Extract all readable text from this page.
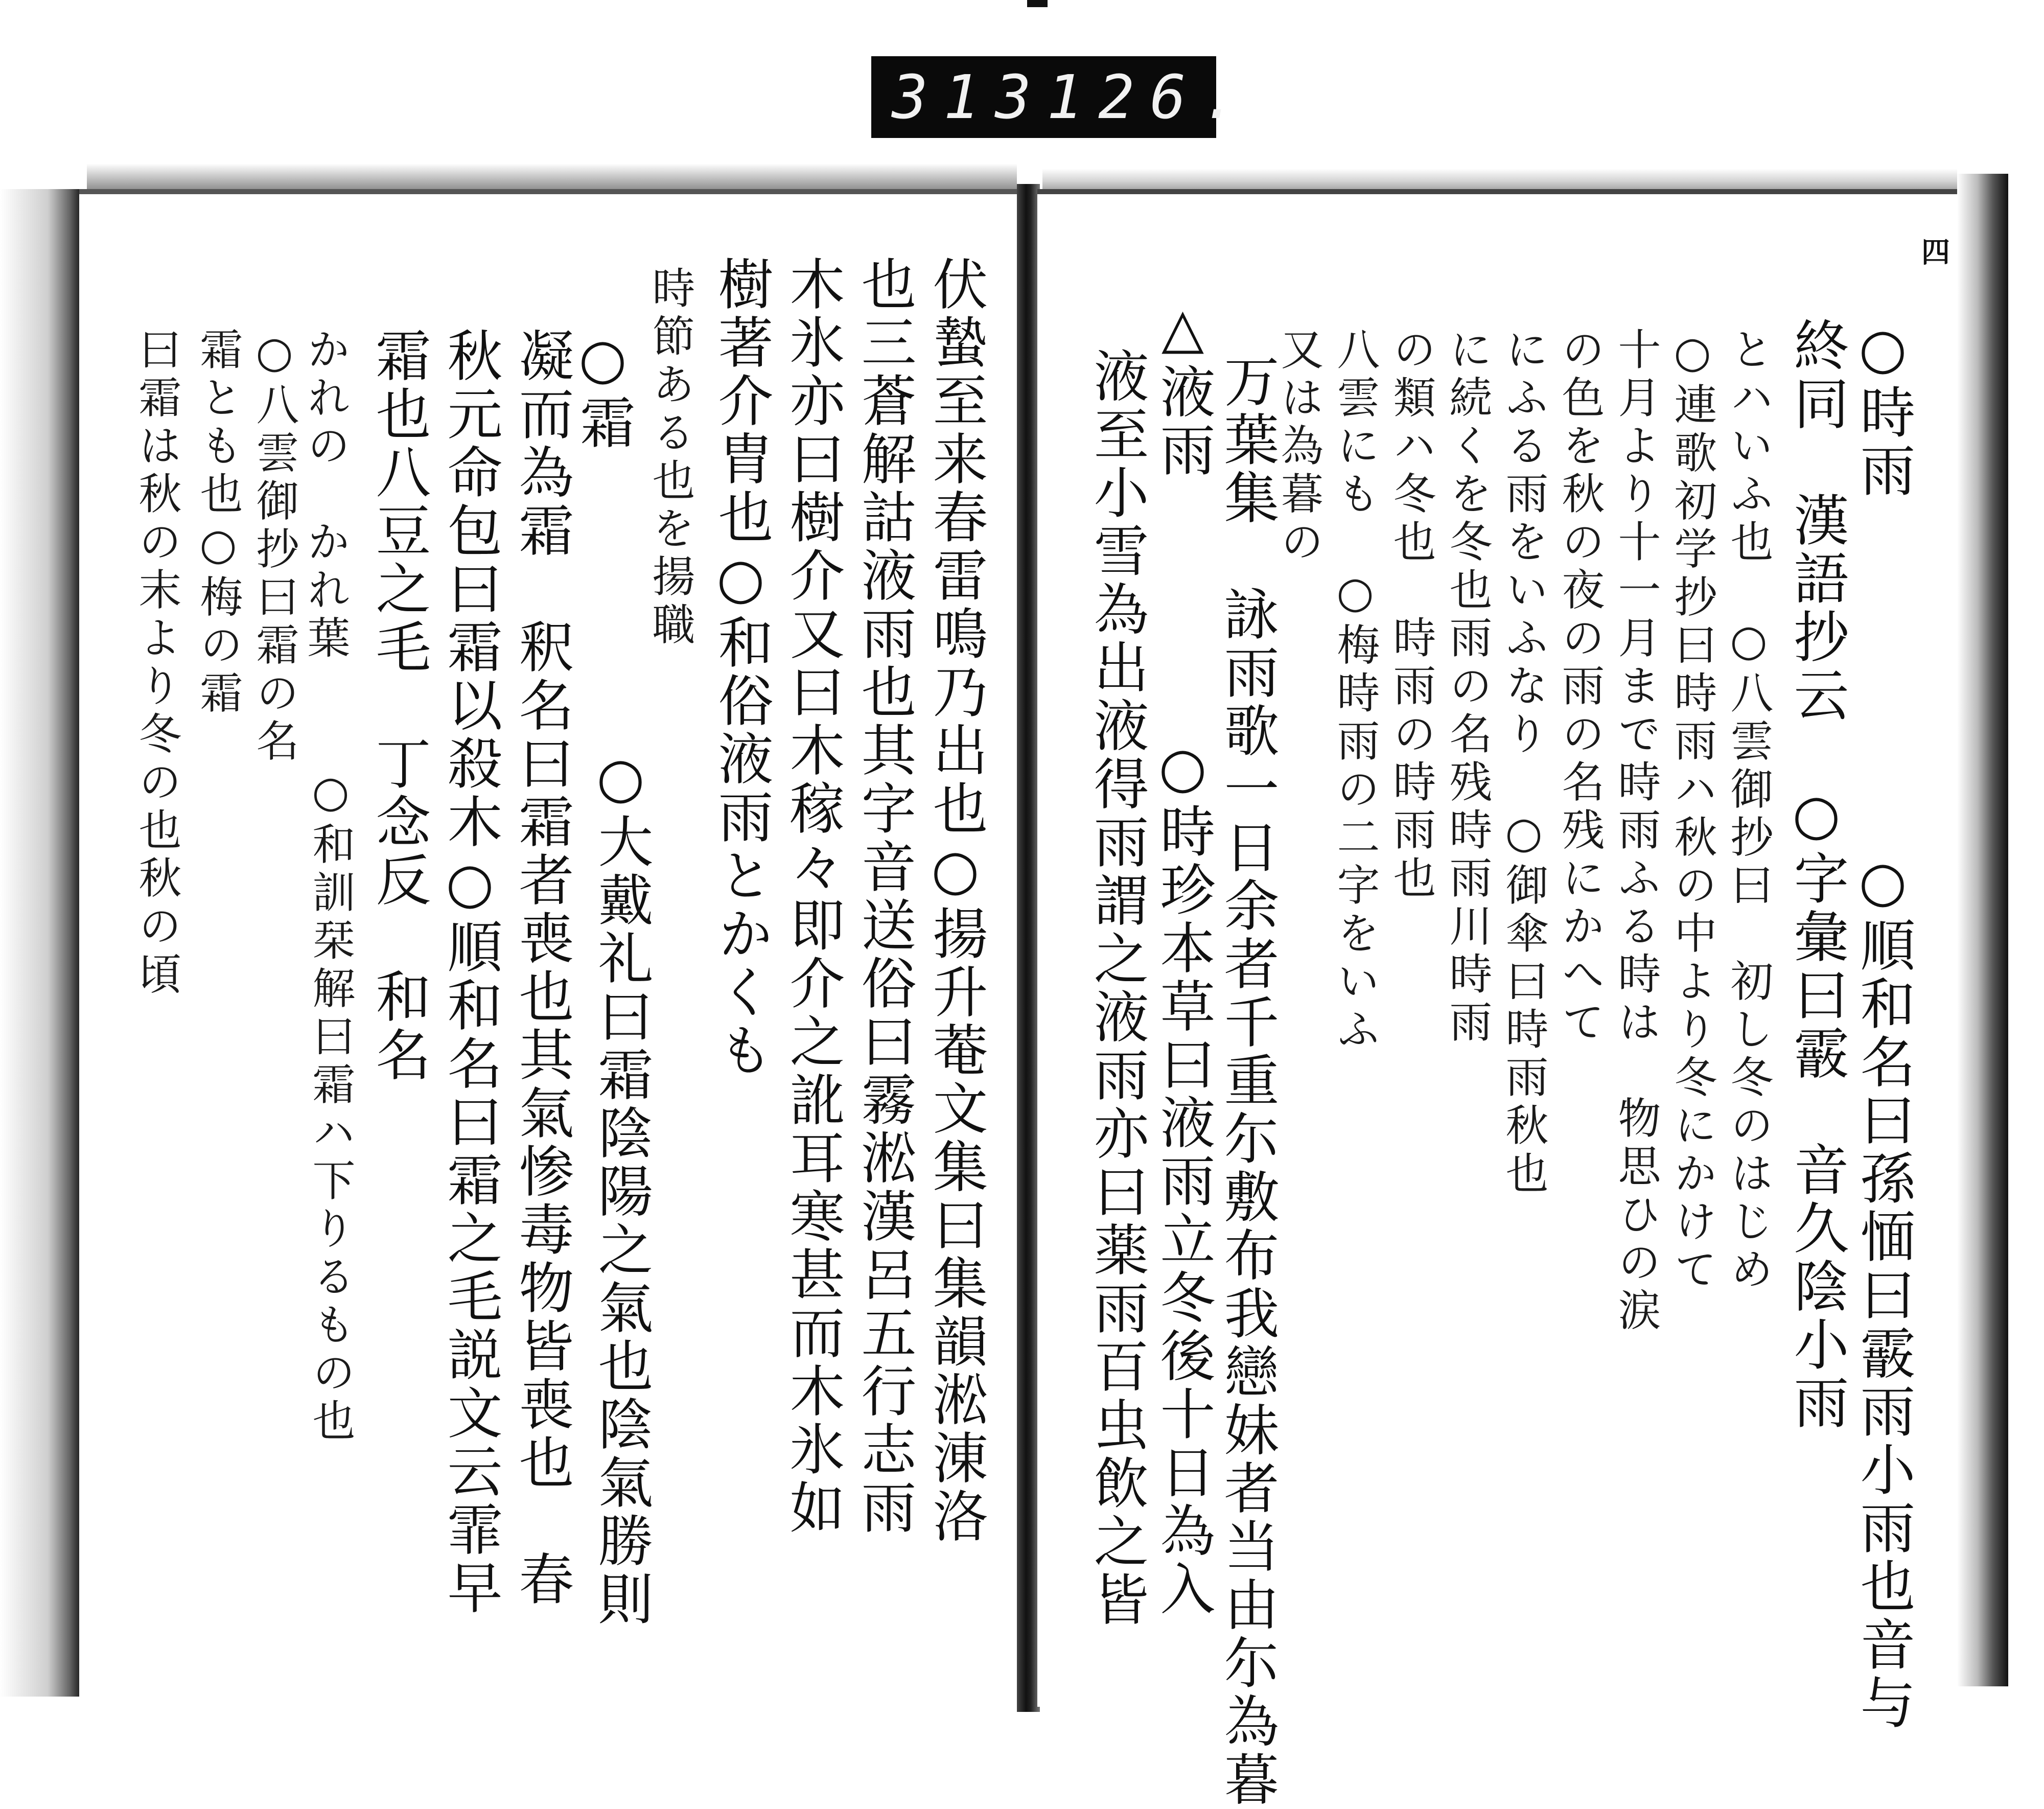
313 126.
伏蟄至来春雷鳴乃出也○揚升菴文集曰集韻淞涷洛
也三蒼解詁液雨也其字音送俗曰霧淞漢呂五行志雨
木氷亦曰樹介又曰木稼々即介之訛耳寒甚而木氷如
樹著介胄也○和俗液雨とかくも
時節ある也を揚職
○霜
凝而為霜　釈名曰霜者喪也其氣惨毒物皆喪也　春
秋元命包曰霜以殺木○順和名曰霜之毛説文云霏早
霜也八豆之毛　丁念反　和名
○大戴礼曰霜陰陽之氣也陰氣勝則
○和訓栞解曰霜ハ下りるもの也
○八雲御抄曰霜の名 かれの　かれ葉
霜とも也○梅の霜
曰霜は秋の末より冬の也秋の頃
四
○時雨　　　　　　○順和名曰孫愐曰霰雨小雨也音与
終同　漢語抄云　○字彙曰霰　音久陰小雨
とハいふ也　○八雲御抄曰　初し冬のはじめ
○連歌初学抄曰時雨ハ秋の中より冬にかけて
十月より十一月まで時雨ふる時は　物思ひの涙
の色を秋の夜の雨の名残にかへて
にふる雨をいふなり　○御傘曰時雨秋也
に続くを冬也雨の名残時雨川時雨
の類ハ冬也　時雨の時雨也
八雲にも　○梅時雨の二字をいふ
又は為暮の
万葉集　詠雨歌一日余者千重尓敷布我戀妹者当由尓為暮
△液雨
液至小雪為出液得雨謂之液雨亦曰薬雨百虫飲之皆 ○時珍本草曰液雨立冬後十日為入
